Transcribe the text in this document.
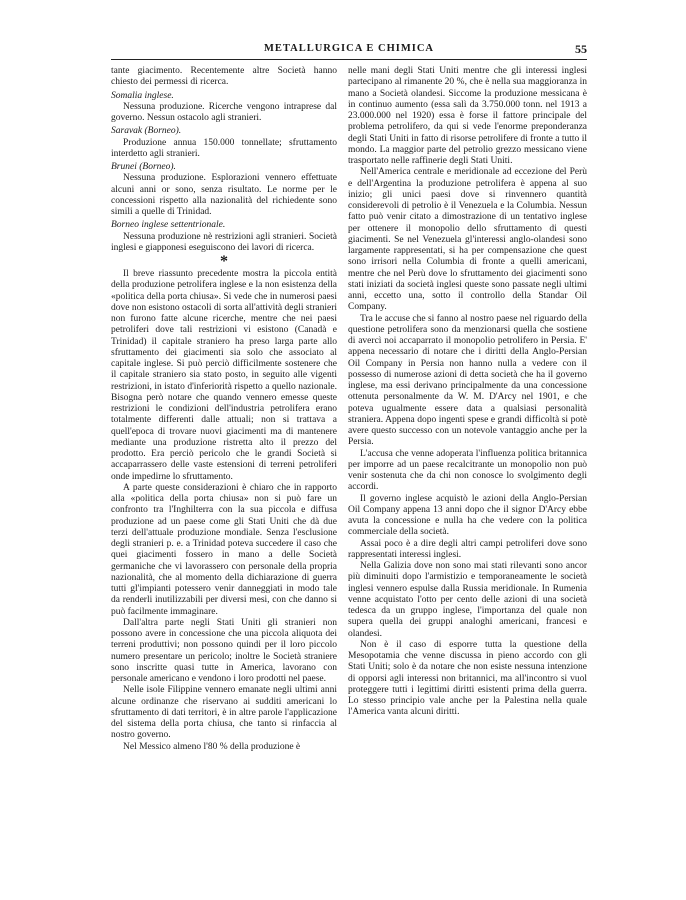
METALLURGICA E CHIMICA	55

tante giacimento. Recentemente altre Società hanno chiesto dei permessi di ricerca.

Somalia inglese.

Nessuna produzione. Ricerche vengono intraprese dal governo. Nessun ostacolo agli stranieri.

Saravak (Borneo).

Produzione annua 150.000 tonnellate; sfruttamento interdetto agli stranieri.

Brunei (Borneo).

Nessuna produzione. Esplorazioni vennero effettuate alcuni anni or sono, senza risultato. Le norme per le concessioni rispetto alla nazionalità del richiedente sono simili a quelle di Trinidad.

Borneo inglese settentrionale.

Nessuna produzione nè restrizioni agli stranieri. Società inglesi e giapponesi eseguiscono dei lavori di ricerca.

*

Il breve riassunto precedente mostra la piccola entità della produzione petrolifera inglese e la non esistenza della «politica della porta chiusa». Si vede che in numerosi paesi dove non esistono ostacoli di sorta all'attività degli stranieri non furono fatte alcune ricerche, mentre che nei paesi petroliferi dove tali restrizioni vi esistono (Canadà e Trinidad) il capitale straniero ha preso larga parte allo sfruttamento dei giacimenti sia solo che associato al capitale inglese. Si può perciò difficilmente sostenere che il capitale straniero sia stato posto, in seguito alle vigenti restrizioni, in istato d'inferiorità rispetto a quello nazionale. Bisogna però notare che quando vennero emesse queste restrizioni le condizioni dell'industria petrolifera erano totalmente differenti dalle attuali; non si trattava a quell'epoca di trovare nuovi giacimenti ma di mantenere mediante una produzione ristretta alto il prezzo del prodotto. Era perciò pericolo che le grandi Società si accaparrassero delle vaste estensioni di terreni petroliferi onde impedirne lo sfruttamento.

A parte queste considerazioni è chiaro che in rapporto alla «politica della porta chiusa» non si può fare un confronto tra l'Inghilterra con la sua piccola e diffusa produzione ad un paese come gli Stati Uniti che dà due terzi dell'attuale produzione mondiale. Senza l'esclusione degli stranieri p. e. a Trinidad poteva succedere il caso che quei giacimenti fossero in mano a delle Società germaniche che vi lavorassero con personale della propria nazionalità, che al momento della dichiarazione di guerra tutti gl'impianti potessero venir danneggiati in modo tale da renderli inutilizzabili per diversi mesi, con che danno si può facilmente immaginare.

Dall'altra parte negli Stati Uniti gli stranieri non possono avere in concessione che una piccola aliquota dei terreni produttivi; non possono quindi per il loro piccolo numero presentare un pericolo; inoltre le Società straniere sono inscritte quasi tutte in America, lavorano con personale americano e vendono i loro prodotti nel paese.

Nelle isole Filippine vennero emanate negli ultimi anni alcune ordinanze che riservano ai sudditi americani lo sfruttamento di dati territori, è in altre parole l'applicazione del sistema della porta chiusa, che tanto si rinfaccia al nostro governo.

Nel Messico almeno l'80 % della produzione è

nelle mani degli Stati Uniti mentre che gli interessi inglesi partecipano al rimanente 20 %, che è nella sua maggioranza in mano a Società olandesi. Siccome la produzione messicana è in continuo aumento (essa salì da 3.750.000 tonn. nel 1913 a 23.000.000 nel 1920) essa è forse il fattore principale del problema petrolifero, da qui si vede l'enorme preponderanza degli Stati Uniti in fatto di risorse petrolifere di fronte a tutto il mondo. La maggior parte del petrolio grezzo messicano viene trasportato nelle raffinerie degli Stati Uniti.

Nell'America centrale e meridionale ad eccezione del Perù e dell'Argentina la produzione petrolifera è appena al suo inizio; gli unici paesi dove si rinvennero quantità considerevoli di petrolio è il Venezuela e la Columbia. Nessun fatto può venir citato a dimostrazione di un tentativo inglese per ottenere il monopolio dello sfruttamento di questi giacimenti. Se nel Venezuela gl'interessi anglo-olandesi sono largamente rappresentati, si ha per compensazione che quest sono irrisori nella Columbia di fronte a quelli americani, mentre che nel Perù dove lo sfruttamento dei giacimenti sono stati iniziati da società inglesi queste sono passate negli ultimi anni, eccetto una, sotto il controllo della Standar Oil Company.

Tra le accuse che si fanno al nostro paese nel riguardo della questione petrolifera sono da menzionarsi quella che sostiene di avercì noi accaparrato il monopolio petrolifero in Persia. E' appena necessario di notare che i diritti della Anglo-Persian Oil Company in Persia non hanno nulla a vedere con il possesso di numerose azioni di detta società che ha il governo inglese, ma essi derivano principalmente da una concessione ottenuta personalmente da W. M. D'Arcy nel 1901, e che poteva ugualmente essere data a qualsiasi personalità straniera. Appena dopo ingenti spese e grandi difficoltà si potè avere questo successo con un notevole vantaggio anche per la Persia.

L'accusa che venne adoperata l'influenza politica britannica per imporre ad un paese recalcitrante un monopolio non può venir sostenuta che da chi non conosce lo svolgimento degli accordi.

Il governo inglese acquistò le azioni della Anglo-Persian Oil Company appena 13 anni dopo che il signor D'Arcy ebbe avuta la concessione e nulla ha che vedere con la politica commerciale della società.

Assai poco è a dire degli altri campi petroliferi dove sono rappresentati interessi inglesi.

Nella Galizia dove non sono mai stati rilevanti sono ancor più diminuiti dopo l'armistizio e temporaneamente le società inglesi vennero espulse dalla Russia meridionale. In Rumenia venne acquistato l'otto per cento delle azioni di una società tedesca da un gruppo inglese, l'importanza del quale non supera quella dei gruppi analoghi americani, francesi e olandesi.

Non è il caso di esporre tutta la questione della Mesopotamia che venne discussa in pieno accordo con gli Stati Uniti; solo è da notare che non esiste nessuna intenzione di opporsi agli interessi non britannici, ma all'incontro si vuol proteggere tutti i legittimi diritti esistenti prima della guerra. Lo stesso principio vale anche per la Palestina nella quale l'America vanta alcuni diritti.
